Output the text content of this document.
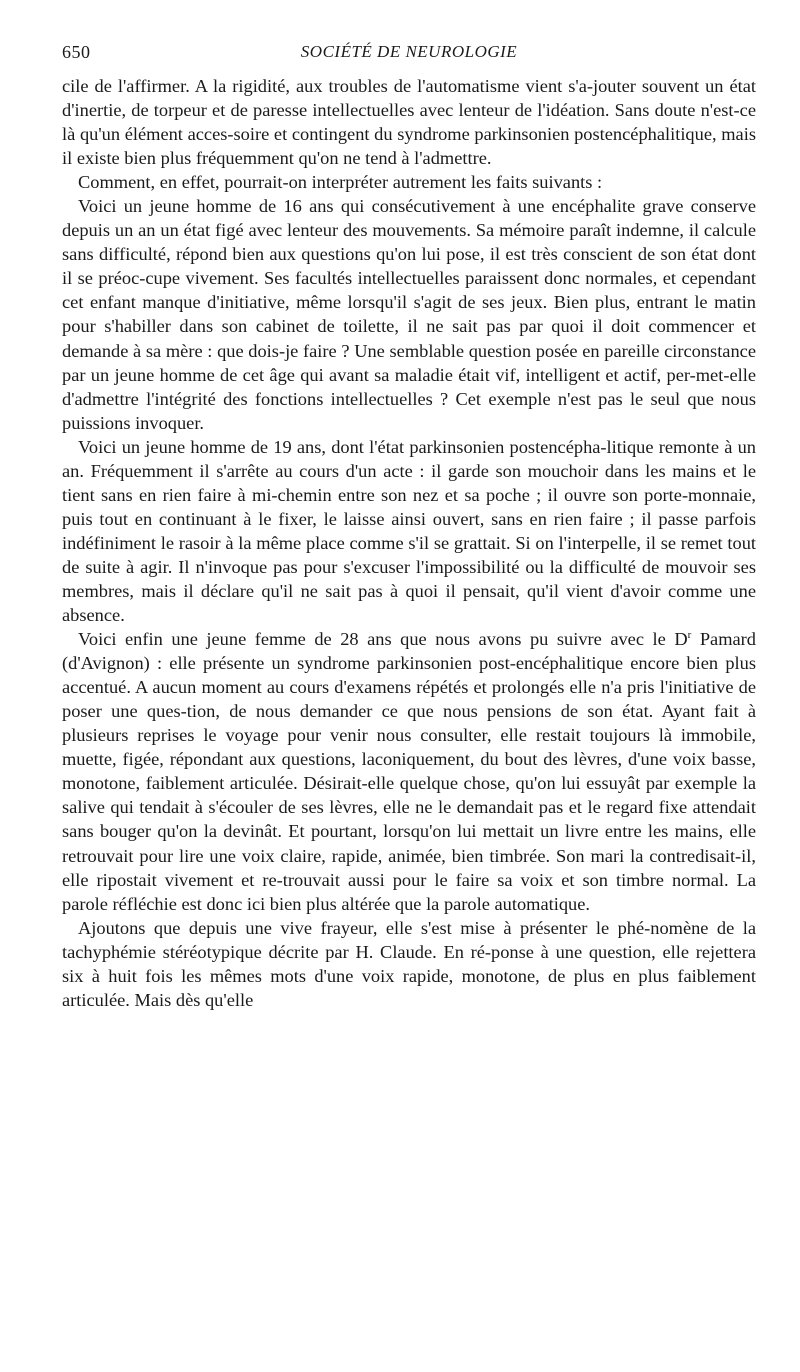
650	SOCIÉTÉ DE NEUROLOGIE

cile de l'affirmer. A la rigidité, aux troubles de l'automatisme vient s'a-jouter souvent un état d'inertie, de torpeur et de paresse intellectuelles avec lenteur de l'idéation. Sans doute n'est-ce là qu'un élément acces-soire et contingent du syndrome parkinsonien postencéphalitique, mais il existe bien plus fréquemment qu'on ne tend à l'admettre.

Comment, en effet, pourrait-on interpréter autrement les faits suivants :

Voici un jeune homme de 16 ans qui consécutivement à une encéphalite grave conserve depuis un an un état figé avec lenteur des mouvements. Sa mémoire paraît indemne, il calcule sans difficulté, répond bien aux questions qu'on lui pose, il est très conscient de son état dont il se préoc-cupe vivement. Ses facultés intellectuelles paraissent donc normales, et cependant cet enfant manque d'initiative, même lorsqu'il s'agit de ses jeux. Bien plus, entrant le matin pour s'habiller dans son cabinet de toilette, il ne sait pas par quoi il doit commencer et demande à sa mère : que dois-je faire ? Une semblable question posée en pareille circonstance par un jeune homme de cet âge qui avant sa maladie était vif, intelligent et actif, per-met-elle d'admettre l'intégrité des fonctions intellectuelles ? Cet exemple n'est pas le seul que nous puissions invoquer.

Voici un jeune homme de 19 ans, dont l'état parkinsonien postencépha-litique remonte à un an. Fréquemment il s'arrête au cours d'un acte : il garde son mouchoir dans les mains et le tient sans en rien faire à mi-chemin entre son nez et sa poche ; il ouvre son porte-monnaie, puis tout en continuant à le fixer, le laisse ainsi ouvert, sans en rien faire ; il passe parfois indéfiniment le rasoir à la même place comme s'il se grattait. Si on l'interpelle, il se remet tout de suite à agir. Il n'invoque pas pour s'excuser l'impossibilité ou la difficulté de mouvoir ses membres, mais il déclare qu'il ne sait pas à quoi il pensait, qu'il vient d'avoir comme une absence.

Voici enfin une jeune femme de 28 ans que nous avons pu suivre avec le $D^r$ Pamard (d'Avignon) : elle présente un syndrome parkinsonien post-encéphalitique encore bien plus accentué. A aucun moment au cours d'examens répétés et prolongés elle n'a pris l'initiative de poser une ques-tion, de nous demander ce que nous pensions de son état. Ayant fait à plusieurs reprises le voyage pour venir nous consulter, elle restait toujours là immobile, muette, figée, répondant aux questions, laconiquement, du bout des lèvres, d'une voix basse, monotone, faiblement articulée. Désirait-elle quelque chose, qu'on lui essuyât par exemple la salive qui tendait à s'écouler de ses lèvres, elle ne le demandait pas et le regard fixe attendait sans bouger qu'on la devinât. Et pourtant, lorsqu'on lui mettait un livre entre les mains, elle retrouvait pour lire une voix claire, rapide, animée, bien timbrée. Son mari la contredisait-il, elle ripostait vivement et re-trouvait aussi pour le faire sa voix et son timbre normal. La parole réfléchie est donc ici bien plus altérée que la parole automatique.

Ajoutons que depuis une vive frayeur, elle s'est mise à présenter le phé-nomène de la tachyphémie stéréotypique décrite par H. Claude. En ré-ponse à une question, elle rejettera six à huit fois les mêmes mots d'une voix rapide, monotone, de plus en plus faiblement articulée. Mais dès qu'elle
